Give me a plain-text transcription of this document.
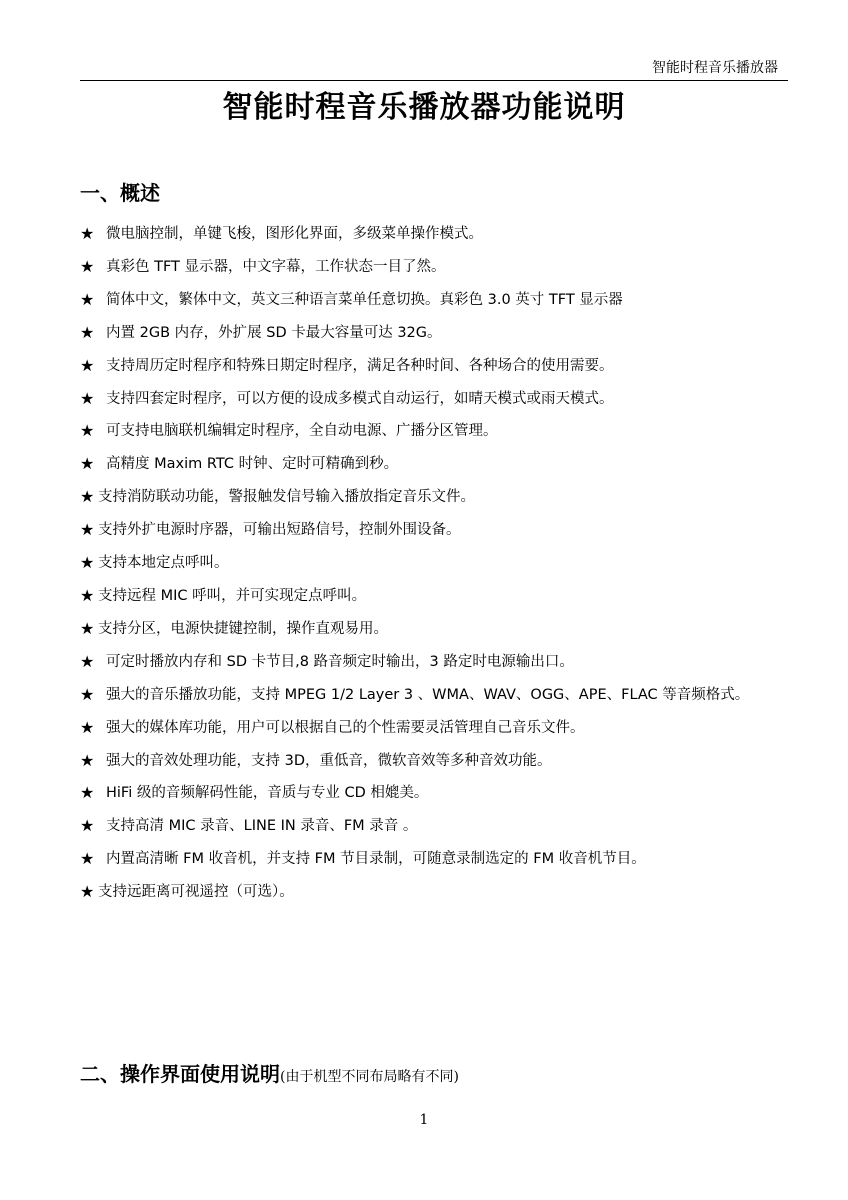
智能时程音乐播放器
智能时程音乐播放器功能说明
一、概述
★ 微电脑控制，单键飞梭，图形化界面，多级菜单操作模式。
★ 真彩色 TFT 显示器，中文字幕，工作状态一目了然。
★ 简体中文，繁体中文，英文三种语言菜单任意切换。真彩色 3.0 英寸 TFT 显示器
★ 内置 2GB 内存，外扩展 SD 卡最大容量可达 32G。
★ 支持周历定时程序和特殊日期定时程序，满足各种时间、各种场合的使用需要。
★ 支持四套定时程序，可以方便的设成多模式自动运行，如晴天模式或雨天模式。
★ 可支持电脑联机编辑定时程序，全自动电源、广播分区管理。
★ 高精度 Maxim RTC 时钟、定时可精确到秒。
★ 支持消防联动功能，警报触发信号输入播放指定音乐文件。
★ 支持外扩电源时序器，可输出短路信号，控制外围设备。
★ 支持本地定点呼叫。
★ 支持远程 MIC 呼叫，并可实现定点呼叫。
★ 支持分区，电源快捷键控制，操作直观易用。
★ 可定时播放内存和 SD 卡节目,8 路音频定时输出，3 路定时电源输出口。
★ 强大的音乐播放功能，支持 MPEG 1/2 Layer 3 、WMA、WAV、OGG、APE、FLAC 等音频格式。
★ 强大的媒体库功能，用户可以根据自己的个性需要灵活管理自己音乐文件。
★ 强大的音效处理功能，支持 3D，重低音，微软音效等多种音效功能。
★ HiFi 级的音频解码性能，音质与专业 CD 相媲美。
★ 支持高清 MIC 录音、LINE IN 录音、FM 录音 。
★ 内置高清晰 FM 收音机，并支持 FM 节目录制，可随意录制选定的 FM 收音机节目。
★ 支持远距离可视遥控（可选）。
二、操作界面使用说明(由于机型不同布局略有不同)
1
